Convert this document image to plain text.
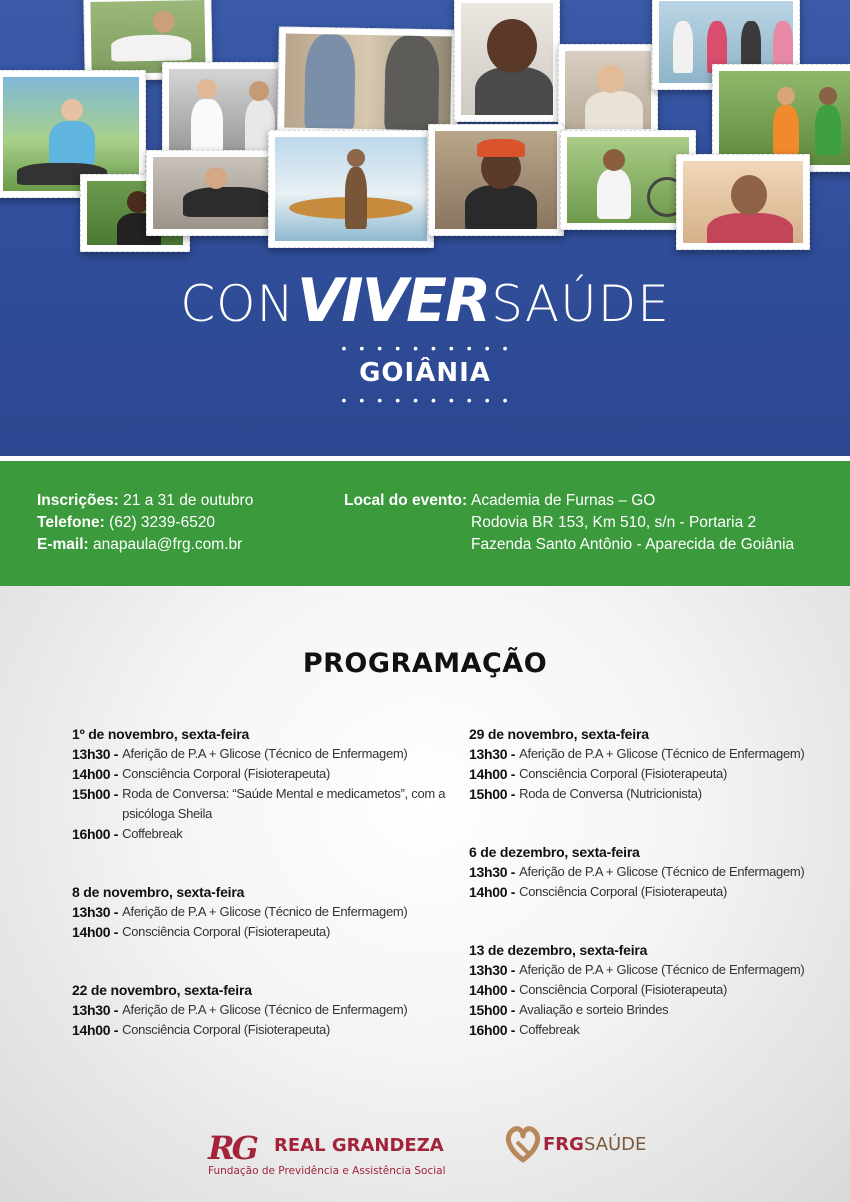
CON VIVER SAÚDE
••••••••••
GOIÂNIA
••••••••••
Inscrições: 21 a 31 de outubro
Telefone: (62) 3239-6520
E-mail: anapaula@frg.com.br
Local do evento: Academia de Furnas – GO
Rodovia BR 153, Km 510, s/n - Portaria 2
Fazenda Santo Antônio - Aparecida de Goiânia
PROGRAMAÇÃO
1º de novembro, sexta-feira
13h30 - Aferição de P.A + Glicose (Técnico de Enfermagem)
14h00 - Consciência Corporal (Fisioterapeuta)
15h00 - Roda de Conversa: “Saúde Mental e medicametos”, com a psicóloga Sheila
16h00 - Coffebreak
8 de novembro, sexta-feira
13h30 - Aferição de P.A + Glicose (Técnico de Enfermagem)
14h00 - Consciência Corporal (Fisioterapeuta)
22 de novembro, sexta-feira
13h30 - Aferição de P.A + Glicose (Técnico de Enfermagem)
14h00 - Consciência Corporal (Fisioterapeuta)
29 de novembro, sexta-feira
13h30 - Aferição de P.A + Glicose (Técnico de Enfermagem)
14h00 - Consciência Corporal (Fisioterapeuta)
15h00 - Roda de Conversa (Nutricionista)
6 de dezembro, sexta-feira
13h30 - Aferição de P.A + Glicose (Técnico de Enfermagem)
14h00 - Consciência Corporal (Fisioterapeuta)
13 de dezembro, sexta-feira
13h30 - Aferição de P.A + Glicose (Técnico de Enfermagem)
14h00 - Consciência Corporal (Fisioterapeuta)
15h00 - Avaliação e sorteio Brindes
16h00 - Coffebreak
RG REAL GRANDEZA
Fundação de Previdência e Assistência Social
FRGSAÚDE
